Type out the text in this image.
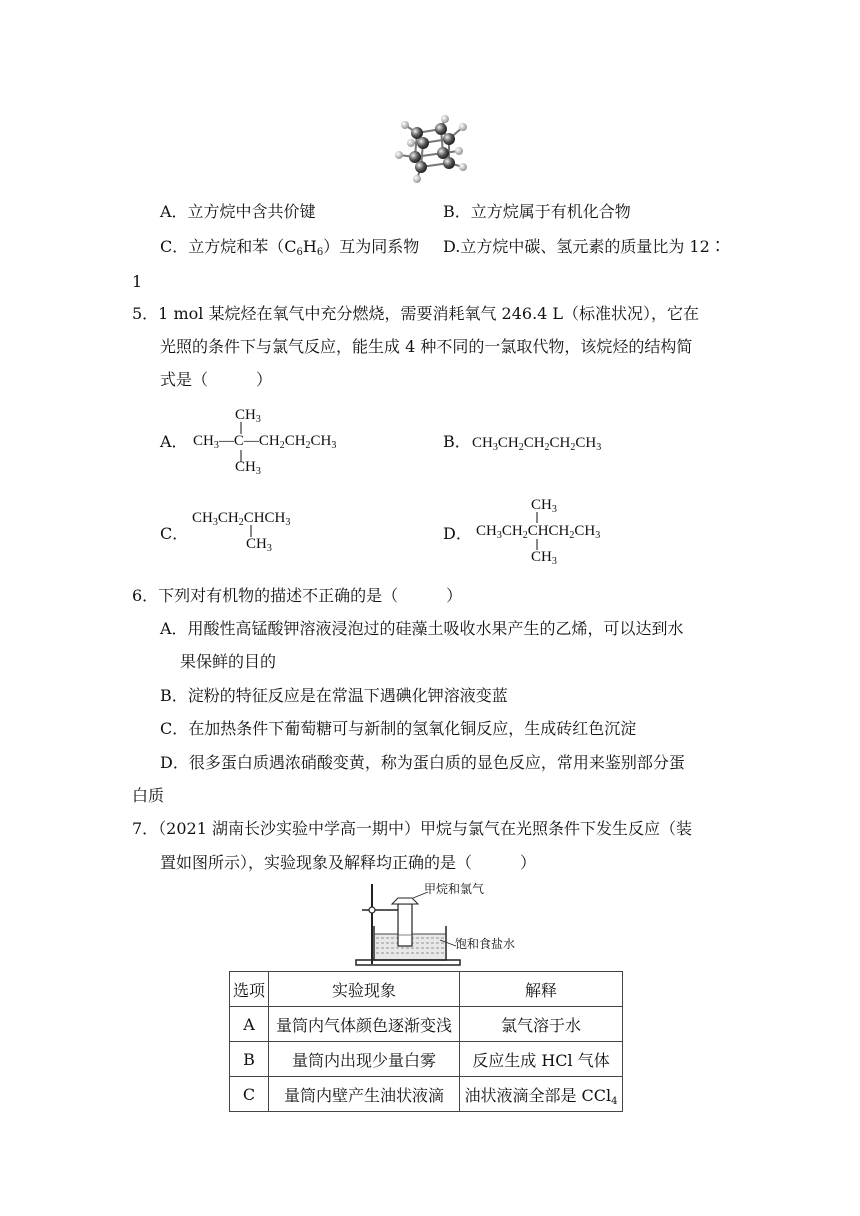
A．立方烷中含共价键	B．立方烷属于有机化合物
C．立方烷和苯$(C_6H_6)$互为同系物 D.立方烷中碳、氢元素的质量比为 12∶
1
5．1 mol 某烷烃在氧气中充分燃烧，需要消耗氧气 246.4 L（标准状况），它在
光照的条件下与氯气反应，能生成 4 种不同的一氯取代物，该烷烃的结构简
式是（　　　）
A．
$CH_3$
$CH_3—C—CH_2CH_2CH_3$
$CH_3$
B． $CH_3CH_2CH_2CH_2CH_3$
C．
$CH_3CH_2CHCH_3$
$CH_3$
D．
$CH_3$
$CH_3CH_2CHCH_2CH_3$
$CH_3$
6．下列对有机物的描述不正确的是（　　　）
A．用酸性高锰酸钾溶液浸泡过的硅藻土吸收水果产生的乙烯，可以达到水
果保鲜的目的
B．淀粉的特征反应是在常温下遇碘化钾溶液变蓝
C．在加热条件下葡萄糖可与新制的氢氧化铜反应，生成砖红色沉淀
D．很多蛋白质遇浓硝酸变黄，称为蛋白质的显色反应，常用来鉴别部分蛋
白质
7．（2021 湖南长沙实验中学高一期中）甲烷与氯气在光照条件下发生反应（装
置如图所示），实验现象及解释均正确的是（　　　）
甲烷和氯气
饱和食盐水
选项	实验现象	解释
A	量筒内气体颜色逐渐变浅	氯气溶于水
B	量筒内出现少量白雾	反应生成 HCl 气体
C	量筒内壁产生油状液滴	油状液滴全部是 CCl$_4$
